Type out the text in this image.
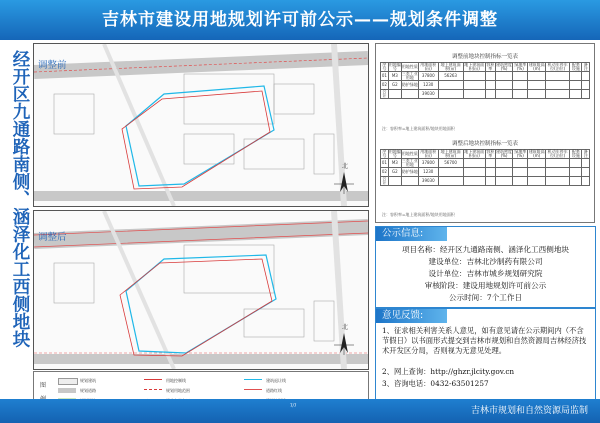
吉林市建设用地规划许可前公示——规划条件调整
经开区九通路南侧、涵泽化工西侧地块	北
调整前
北
调整后
图
规划建筑
规划道路
用地控制线
规划用地范围
建筑退让线
道路红线
调整前地块控制指标一览表
序号	用地编号	用地性质	用地面积(㎡)	地上建筑面积(㎡)	地下建筑面积(㎡)	容积率	建筑密度(%)	绿地率(%)	建筑限高(m)	机动车停车位(泊位)	配套设施	备注
01	M3	三类工业用地	37800	56263								
02	G2	防护绿地	1230									
合计			39030									
注：容积率=地上建筑面积/地块用地面积
调整后地块控制指标一览表
序号	用地编号	用地性质	用地面积(㎡)	地上建筑面积(㎡)	地下建筑面积(㎡)	容积率	建筑密度(%)	绿地率(%)	建筑限高(m)	机动车停车位(泊位)	配套设施	备注
01	M3	三类工业用地	37800	56700								
02	G2	防护绿地	1230									
合计			39030									
注：容积率=地上建筑面积/地块用地面积
公示信息:
项目名称：经开区九通路南侧、涵泽化工西侧地块
建设单位：吉林北沙制药有限公司
设计单位：吉林市城乡规划研究院
审核阶段：建设用地规划许可前公示
公示时间：7个工作日
意见反馈:
1、征求相关利害关系人意见，如有意见请在公示期间内（不含节假日）以书面形式提交到吉林市规划和自然资源局吉林经济技术开发区分局，否则视为无意见处理。
2、网上查询：http://ghzr.jlcity.gov.cn
3、咨询电话：0432-63501257
吉林市规划和自然资源局监制
7/7
